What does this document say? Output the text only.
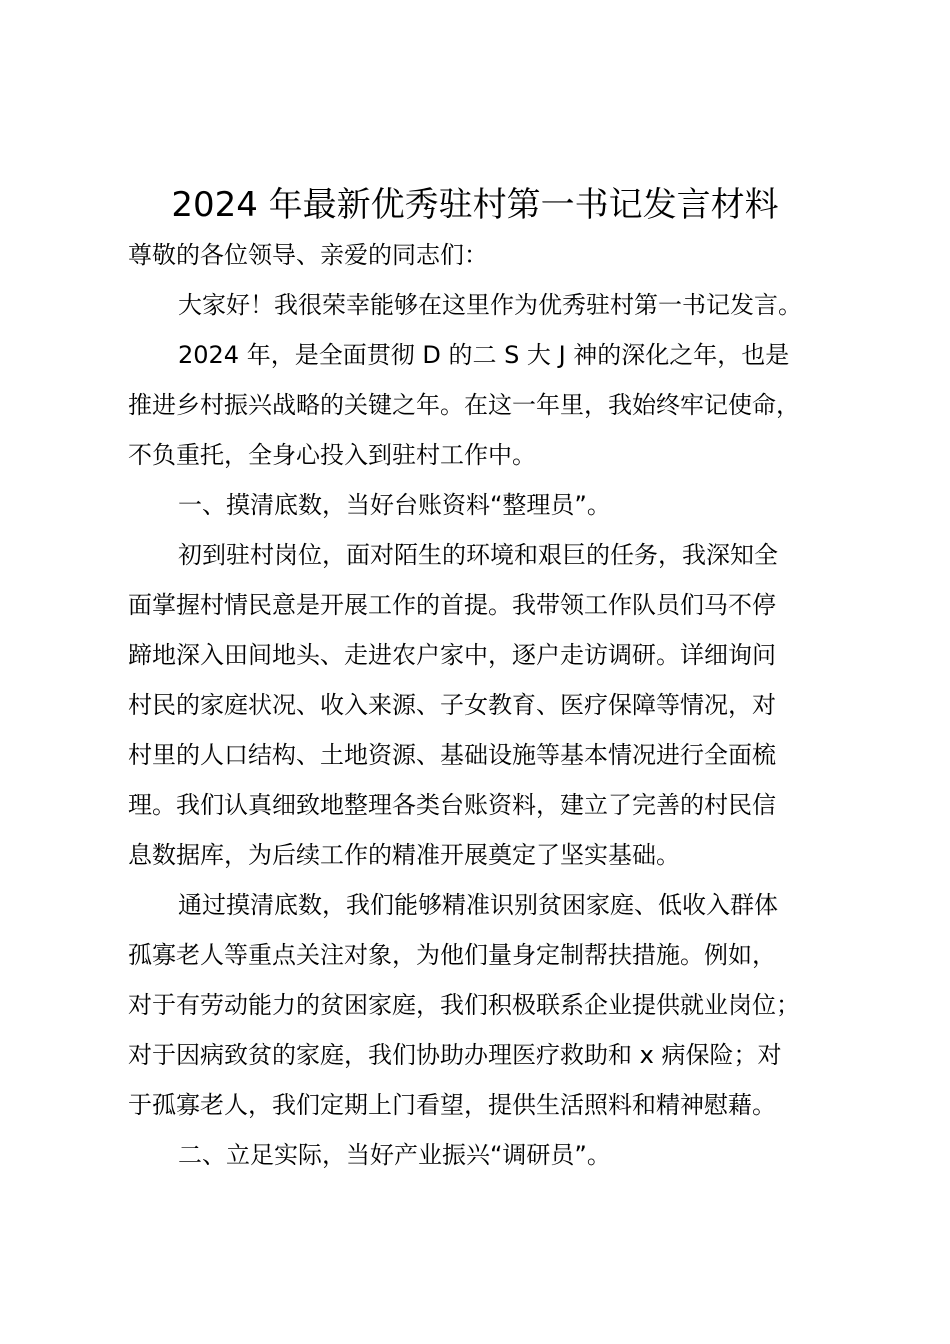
2024 年最新优秀驻村第一书记发言材料
尊敬的各位领导、亲爱的同志们：
大家好！我很荣幸能够在这里作为优秀驻村第一书记发言。
2024 年，是全面贯彻 D 的二 S 大 J 神的深化之年，也是
推进乡村振兴战略的关键之年。在这一年里，我始终牢记使命，
不负重托，全身心投入到驻村工作中。
一、摸清底数，当好台账资料“整理员”。
初到驻村岗位，面对陌生的环境和艰巨的任务，我深知全
面掌握村情民意是开展工作的首提。我带领工作队员们马不停
蹄地深入田间地头、走进农户家中，逐户走访调研。详细询问
村民的家庭状况、收入来源、子女教育、医疗保障等情况，对
村里的人口结构、土地资源、基础设施等基本情况进行全面梳
理。我们认真细致地整理各类台账资料，建立了完善的村民信
息数据库，为后续工作的精准开展奠定了坚实基础。
通过摸清底数，我们能够精准识别贫困家庭、低收入群体
孤寡老人等重点关注对象，为他们量身定制帮扶措施。例如，
对于有劳动能力的贫困家庭，我们积极联系企业提供就业岗位；
对于因病致贫的家庭，我们协助办理医疗救助和 x 病保险；对
于孤寡老人，我们定期上门看望，提供生活照料和精神慰藉。
二、立足实际，当好产业振兴“调研员”。
